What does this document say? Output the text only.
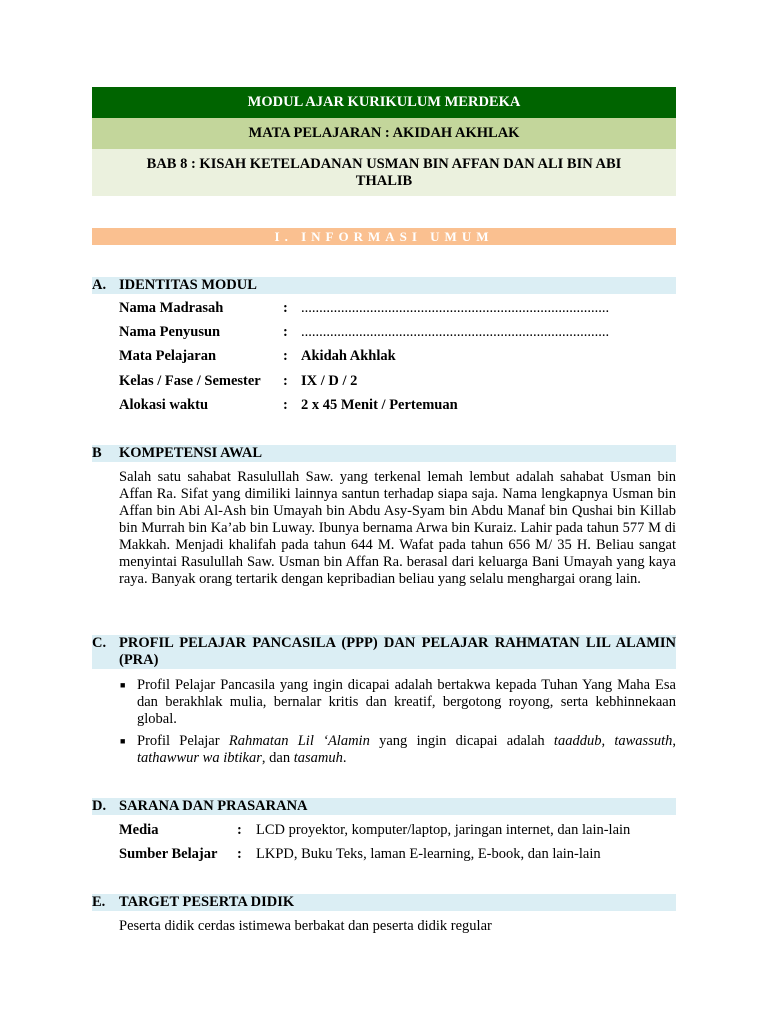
MODUL AJAR KURIKULUM MERDEKA
MATA PELAJARAN : AKIDAH AKHLAK
BAB 8 : KISAH KETELADANAN USMAN BIN AFFAN DAN ALI BIN ABI THALIB
I. INFORMASI UMUM
A. IDENTITAS MODUL
Nama Madrasah	: .....................................................................................
Nama Penyusun	: .....................................................................................
Mata Pelajaran	: Akidah Akhlak
Kelas / Fase / Semester : IX / D / 2
Alokasi waktu	: 2 x 45 Menit / Pertemuan
B	KOMPETENSI AWAL
Salah satu sahabat Rasulullah Saw. yang terkenal lemah lembut adalah sahabat Usman bin Affan Ra. Sifat yang dimiliki lainnya santun terhadap siapa saja. Nama lengkapnya Usman bin Affan bin Abi Al-Ash bin Umayah bin Abdu Asy-Syam bin Abdu Manaf bin Qushai bin Killab bin Murrah bin Ka’ab bin Luway. Ibunya bernama Arwa bin Kuraiz. Lahir pada tahun 577 M di Makkah. Menjadi khalifah pada tahun 644 M. Wafat pada tahun 656 M/ 35 H. Beliau sangat menyintai Rasulullah Saw. Usman bin Affan Ra. berasal dari keluarga Bani Umayah yang kaya raya. Banyak orang tertarik dengan kepribadian beliau yang selalu menghargai orang lain.
C. PROFIL PELAJAR PANCASILA (PPP) DAN PELAJAR RAHMATAN LIL ALAMIN (PRA)
■ Profil Pelajar Pancasila yang ingin dicapai adalah bertakwa kepada Tuhan Yang Maha Esa dan berakhlak mulia, bernalar kritis dan kreatif, bergotong royong, serta kebhinnekaan global.
■ Profil Pelajar Rahmatan Lil ‘Alamin yang ingin dicapai adalah taaddub, tawassuth, tathawwur wa ibtikar, dan tasamuh.
D. SARANA DAN PRASARANA
Media	: LCD proyektor, komputer/laptop, jaringan internet, dan lain-lain
Sumber Belajar : LKPD, Buku Teks, laman E-learning, E-book, dan lain-lain
E. TARGET PESERTA DIDIK
Peserta didik cerdas istimewa berbakat dan peserta didik regular
